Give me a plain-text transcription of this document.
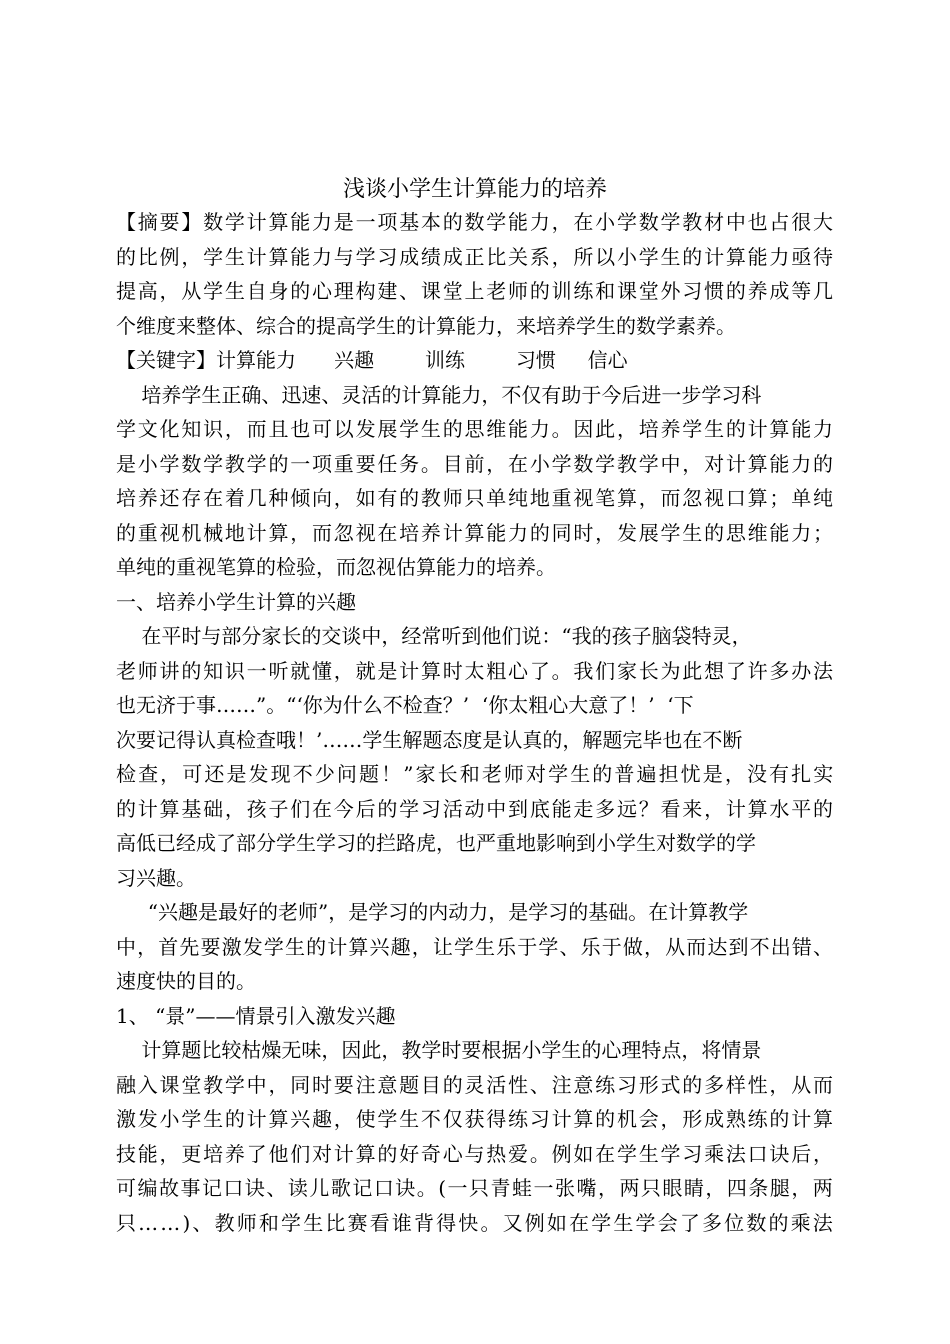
浅谈小学生计算能力的培养
【摘要】数学计算能力是一项基本的数学能力，在小学数学教材中也占很大
的比例，学生计算能力与学习成绩成正比关系，所以小学生的计算能力亟待
提高，从学生自身的心理构建、课堂上老师的训练和课堂外习惯的养成等几
个维度来整体、综合的提高学生的计算能力，来培养学生的数学素养。
【关键字】计算能力      兴趣        训练        习惯     信心
培养学生正确、迅速、灵活的计算能力，不仅有助于今后进一步学习科
学文化知识，而且也可以发展学生的思维能力。因此，培养学生的计算能力
是小学数学教学的一项重要任务。目前，在小学数学教学中，对计算能力的
培养还存在着几种倾向，如有的教师只单纯地重视笔算，而忽视口算；单纯
的重视机械地计算，而忽视在培养计算能力的同时，发展学生的思维能力；
单纯的重视笔算的检验，而忽视估算能力的培养。
一、培养小学生计算的兴趣
在平时与部分家长的交谈中，经常听到他们说：“我的孩子脑袋特灵，
老师讲的知识一听就懂，就是计算时太粗心了。我们家长为此想了许多办法
也无济于事……”。“‘你为什么不检查？’  ‘你太粗心大意了！’  ‘下
次要记得认真检查哦！’……学生解题态度是认真的，解题完毕也在不断
检查，可还是发现不少问题！”家长和老师对学生的普遍担忧是，没有扎实
的计算基础，孩子们在今后的学习活动中到底能走多远？看来，计算水平的
高低已经成了部分学生学习的拦路虎，也严重地影响到小学生对数学的学
习兴趣。
“兴趣是最好的老师”，是学习的内动力，是学习的基础。在计算教学
中，首先要激发学生的计算兴趣，让学生乐于学、乐于做，从而达到不出错、
速度快的目的。
1、 “景”——情景引入激发兴趣
计算题比较枯燥无味，因此，教学时要根据小学生的心理特点，将情景
融入课堂教学中，同时要注意题目的灵活性、注意练习形式的多样性，从而
激发小学生的计算兴趣，使学生不仅获得练习计算的机会，形成熟练的计算
技能，更培养了他们对计算的好奇心与热爱。例如在学生学习乘法口诀后，
可编故事记口诀、读儿歌记口诀。(一只青蛙一张嘴，两只眼睛，四条腿，两
只……)、教师和学生比赛看谁背得快。又例如在学生学会了多位数的乘法
